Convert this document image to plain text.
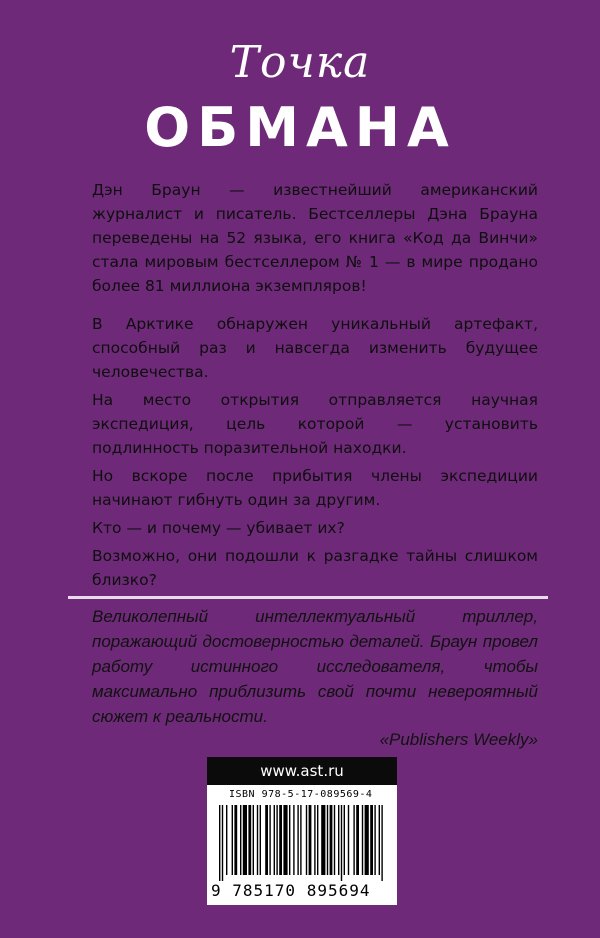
Точка
ОБМАНА

Дэн Браун — известнейший американский журналист и писатель. Бестселлеры Дэна Брауна переведены на 52 языка, его книга «Код да Винчи» стала мировым бестселлером № 1 — в мире продано более 81 миллиона экземпляров!

В Арктике обнаружен уникальный артефакт, способный раз и навсегда изменить будущее человечества.

На место открытия отправляется научная экспедиция, цель которой — установить подлинность поразительной находки.

Но вскоре после прибытия члены экспедиции начинают гибнуть один за другим.

Кто — и почему — убивает их?

Возможно, они подошли к разгадке тайны слишком близко?

Великолепный интеллектуальный триллер, поражающий достоверностью деталей. Браун провел работу истинного исследователя, чтобы максимально приблизить свой почти невероятный сюжет к реальности.
«Publishers Weekly»
www.ast.ru
ISBN 978-5-17-089569-4
9 785170 895694
